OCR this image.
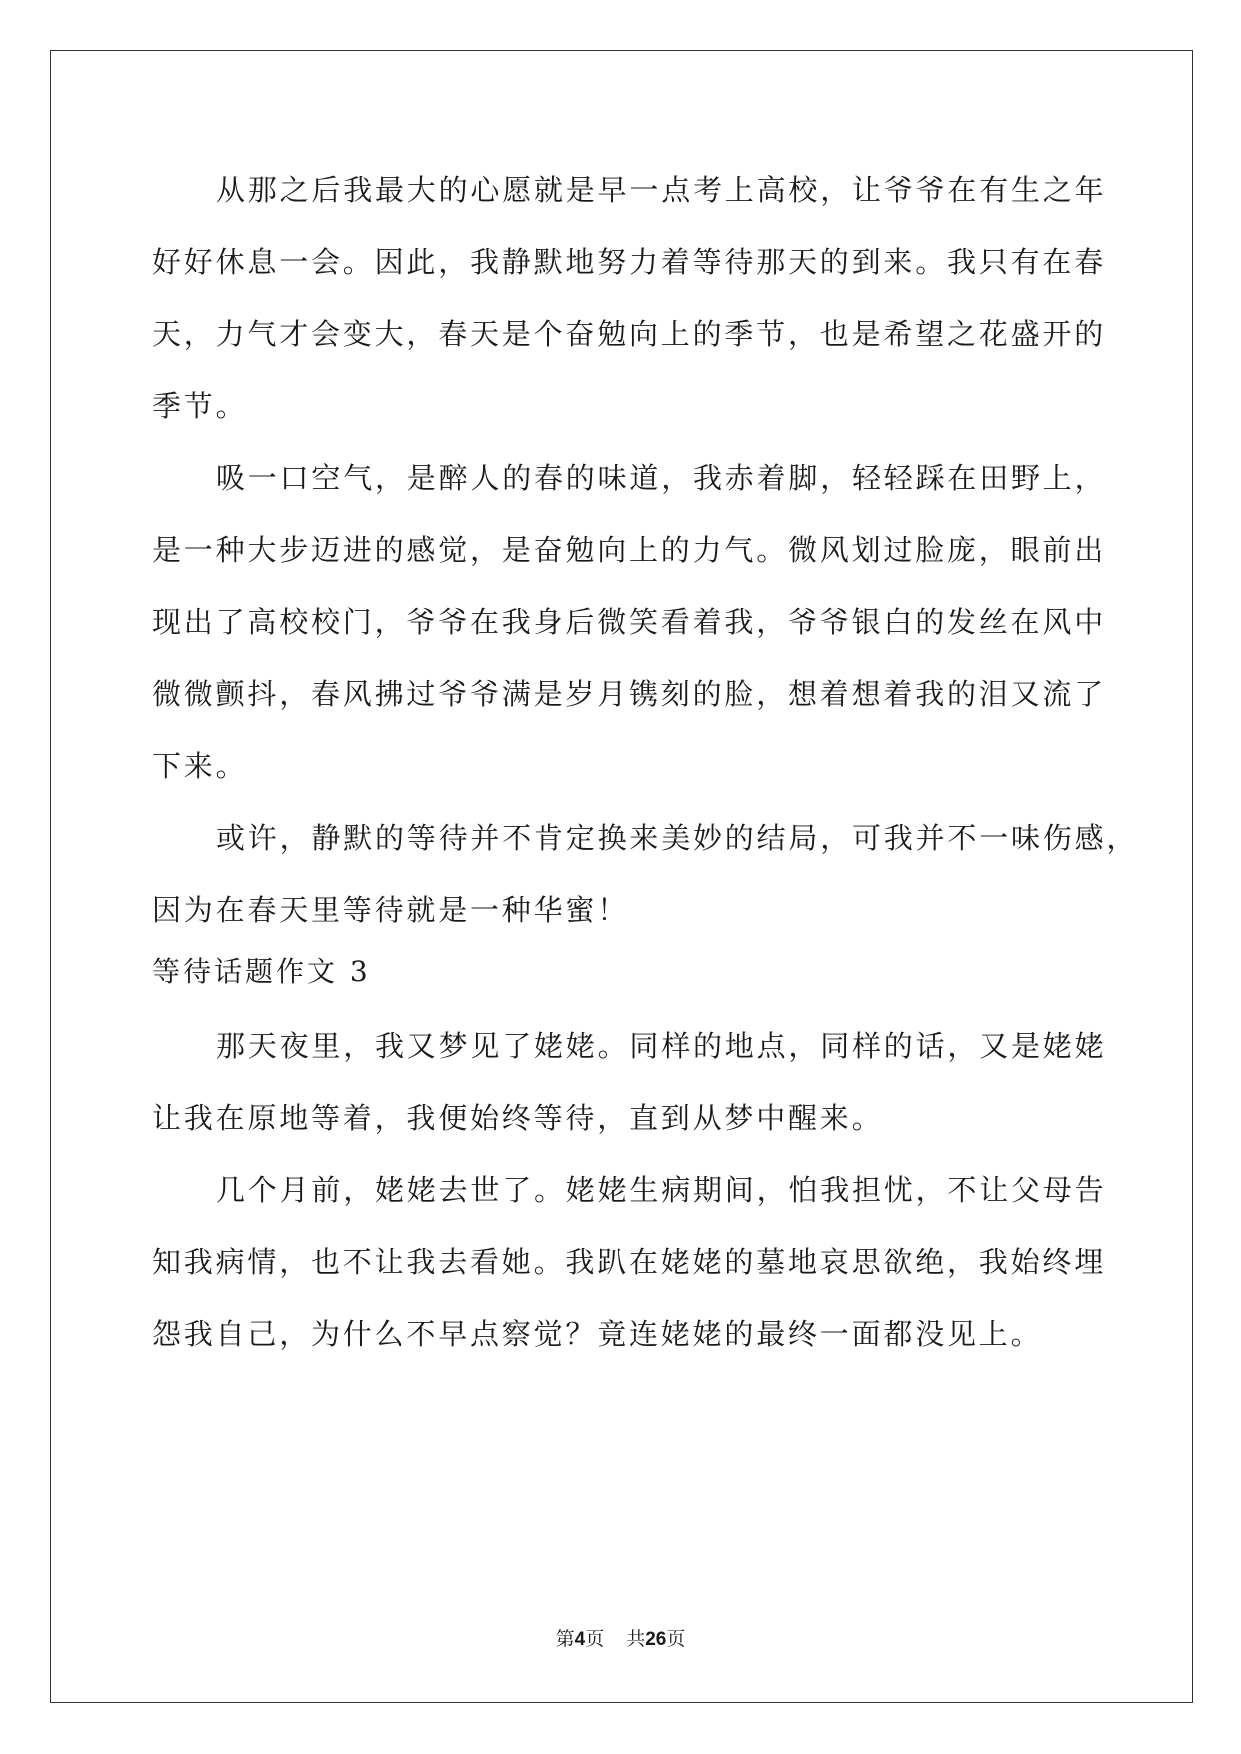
从那之后我最大的心愿就是早一点考上高校，让爷爷在有生之年
好好休息一会。因此，我静默地努力着等待那天的到来。我只有在春
天，力气才会变大，春天是个奋勉向上的季节，也是希望之花盛开的
季节。
吸一口空气，是醉人的春的味道，我赤着脚，轻轻踩在田野上，
是一种大步迈进的感觉，是奋勉向上的力气。微风划过脸庞，眼前出
现出了高校校门，爷爷在我身后微笑看着我，爷爷银白的发丝在风中
微微颤抖，春风拂过爷爷满是岁月镌刻的脸，想着想着我的泪又流了
下来。
或许，静默的等待并不肯定换来美妙的结局，可我并不一味伤感，
因为在春天里等待就是一种华蜜！
等待话题作文 3
那天夜里，我又梦见了姥姥。同样的地点，同样的话，又是姥姥
让我在原地等着，我便始终等待，直到从梦中醒来。
几个月前，姥姥去世了。姥姥生病期间，怕我担忧，不让父母告
知我病情，也不让我去看她。我趴在姥姥的墓地哀思欲绝，我始终埋
怨我自己，为什么不早点察觉？竟连姥姥的最终一面都没见上。
第4页 共26页
